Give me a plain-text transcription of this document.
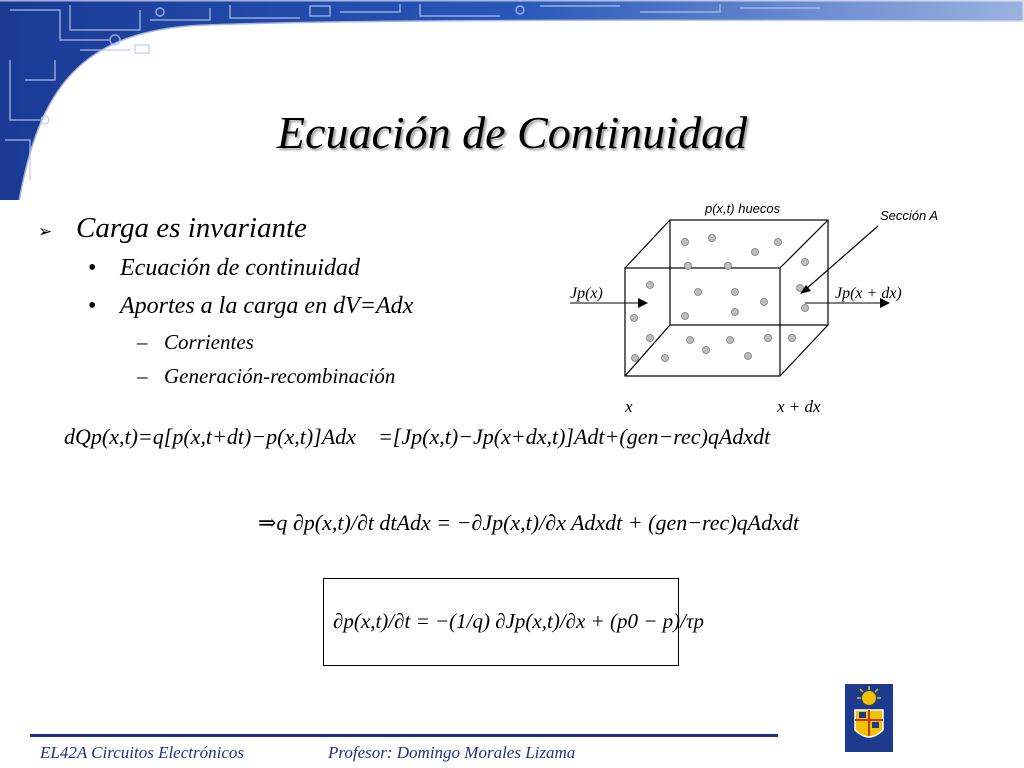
Ecuación de Continuidad
➢ Carga es invariante
• Ecuación de continuidad
• Aportes a la carga en dV=Adx
– Corrientes
– Generación-recombinación
p(x,t) huecos	Sección A
Jp(x)	Jp(x + dx)
x	x + dx
dQp(x,t)=q[p(x,t+dt)−p(x,t)]Adx =[Jp(x,t)−Jp(x+dx,t)]Adt+(gen−rec)qAdxdt
⇒q ∂p(x,t)/∂t dtAdx = −∂Jp(x,t)/∂x Adxdt + (gen−rec)qAdxdt
∂p(x,t)/∂t = −(1/q) ∂Jp(x,t)/∂x + (p0 − p)/τp
EL42A Circuitos Electrónicos	Profesor: Domingo Morales Lizama
